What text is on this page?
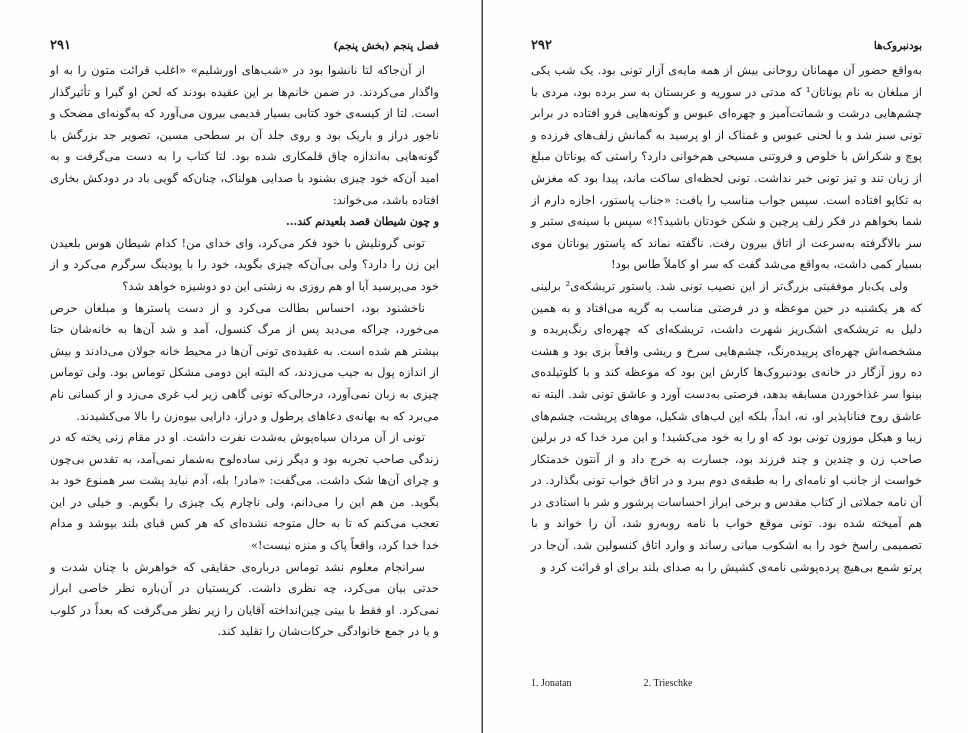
۲۹۱	فصل پنجم (بخش پنجم)

از آن‌جاکه لتا نانشوا بود در «شب‌های اورشلیم» «اغلب قرائت متون را به او واگذار می‌کردند. در ضمن خانم‌ها بر این عقیده بودند که لحن او گیرا و تأثیرگذار است. لتا از کیسه‌ی خود کتابی بسیار قدیمی بیرون می‌آورد که به‌گونه‌ای مضحک و ناجور دراز و باریک بود و روی جلد آن بر سطحی مسین، تصویر جد بزرگش با گونه‌هایی به‌اندازه چاق قلمکاری شده بود. لتا کتاب را به دست می‌گرفت و به امید آن‌که خود چیزی بشنود با صدایی هولناک، چنان‌که گویی باد در دودکش بخاری افتاده باشد، می‌خواند:

و چون شیطان قصد بلعیدنم کند...

تونی گرونلیش با خود فکر می‌کرد، وای خدای من! کدام شیطان هوس بلعیدن این زن را دارد؟ ولی بی‌آن‌که چیزی بگوید، خود را با پودینگ سرگرم می‌کرد و از خود می‌پرسید آیا او هم روزی به زشتی این دو دوشیزه خواهد شد؟

ناخشنود بود، احساس بطالت می‌کرد و از دست پاسترها و مبلغان حرص می‌خورد، چراکه می‌دید پس از مرگ کنسول، آمد و شد آن‌ها به خانه‌شان حتا بیشتر هم شده است. به عقیده‌ی تونی آن‌ها در محیط خانه جولان می‌دادند و بیش از اندازه پول به جیب می‌زدند، که البته این دومی مشکل توماس بود. ولی توماس چیزی به زبان نمی‌آورد، درحالی‌که تونی گاهی زیر لب غری می‌زد و از کسانی نام می‌برد که به بهانه‌ی دعاهای پرطول و دراز، دارایی بیوه‌زن را بالا می‌کشیدند.

تونی از آن مردان سیاه‌پوش به‌شدت نفرت داشت. او در مقام زنی پخته که در زندگی صاحب تجربه بود و دیگر زنی ساده‌لوح به‌شمار نمی‌آمد، به تقدس بی‌چون و چرای آن‌ها شک داشت. می‌گفت: «مادر! بله، آدم نباید پشت سر همنوع خود بد بگوید. من هم این را می‌دانم، ولی ناچارم یک چیزی را بگویم. و خیلی در این تعجب می‌کنم که تا به حال متوجه نشده‌ای که هر کس قبای بلند بپوشد و مدام خدا خدا کرد، واقعاً پاک و منزه نیست!»

سرانجام معلوم نشد توماس درباره‌ی حقایقی که خواهرش با چنان شدت و حدتی بیان می‌کرد، چه نظری داشت. کریستیان در آن‌باره نظر خاصی ابراز نمی‌کرد. او فقط با بینی چین‌انداخته آقایان را زیر نظر می‌گرفت که بعداً در کلوب و یا در جمع خانوادگی حرکات‌شان را تقلید کند.

۲۹۲	بودنبروک‌ها

به‌واقع حضور آن مهمانان روحانی بیش از همه مایه‌ی آزار تونی بود. یک شب یکی از مبلغان به نام یوناتان¹ که مدتی در سوریه و عربستان به سر برده بود، مردی با چشم‌هایی درشت و شماتت‌آمیز و چهره‌ای عبوس و گونه‌هایی فرو افتاده در برابر تونی سبز شد و با لحنی عبوس و غمناک از او پرسید به گمانش زلف‌های فرزده و پوچ و شکراش با خلوص و فروتنی مسیحی هم‌خوانی دارد؟ راستی که یوناتان مبلغ از زبان تند و تیز تونی خبر نداشت. تونی لحظه‌ای ساکت ماند، پیدا بود که مغزش به تکاپو افتاده است. سپس جواب مناسب را یافت: «جناب پاستور، اجازه دارم از شما بخواهم در فکر زلف پرچین و شکن خودتان باشید؟!» سپس با سینه‌ی ستبر و سر بالاگرفته به‌سرعت از اتاق بیرون رفت. ناگفته نماند که پاستور یوناتان موی بسیار کمی داشت، به‌واقع می‌شد گفت که سر او کاملاً طاس بود!

ولی یک‌بار موفقیتی بزرگ‌تر از این نصیب تونی شد. پاستور تریشکه‌ی² برلینی که هر یکشنبه در حین موعظه و در فرصتی مناسب به گریه می‌افتاد و به همین دلیل به تریشکه‌ی اشک‌ریز شهرت داشت، تریشکه‌ای که چهره‌ای رنگ‌پریده و مشخصه‌اش چهره‌ای پرپیده‌رنگ، چشم‌هایی سرخ و ریشی واقعاً بزی بود و هشت ده روز آزگار در خانه‌ی بودنبروک‌ها کارش این بود که موعظه کند و با کلوتیلده‌ی بینوا سر غذاخوردن مسابقه بدهد، فرصتی به‌دست آورد و عاشق تونی شد. البته نه عاشق روح فناناپذیر او، نه، ابداً، بلکه این لب‌های شکیل، موهای پرپشت، چشم‌های زیبا و هیکل موزون تونی بود که او را به خود می‌کشید! و این مرد خدا که در برلین صاحب زن و چندین و چند فرزند بود، جسارت به خرج داد و از آنتون خدمتکار خواست از جانب او نامه‌ای را به طبقه‌ی دوم ببرد و در اتاق خواب تونی بگذارد. در آن نامه جملاتی از کتاب مقدس و برخی ابراز احساسات پرشور و شر با استادی در هم آمیخته شده بود. تونی موقع خواب با نامه روبه‌رو شد، آن را خواند و با تصمیمی راسخ خود را به اشکوب میانی رساند و وارد اتاق کنسولین شد. آن‌جا در پرتو شمع بی‌هیچ پرده‌پوشی نامه‌ی کشیش را به صدای بلند برای او قرائت کرد و

1. Jonatan	2. Trieschke
